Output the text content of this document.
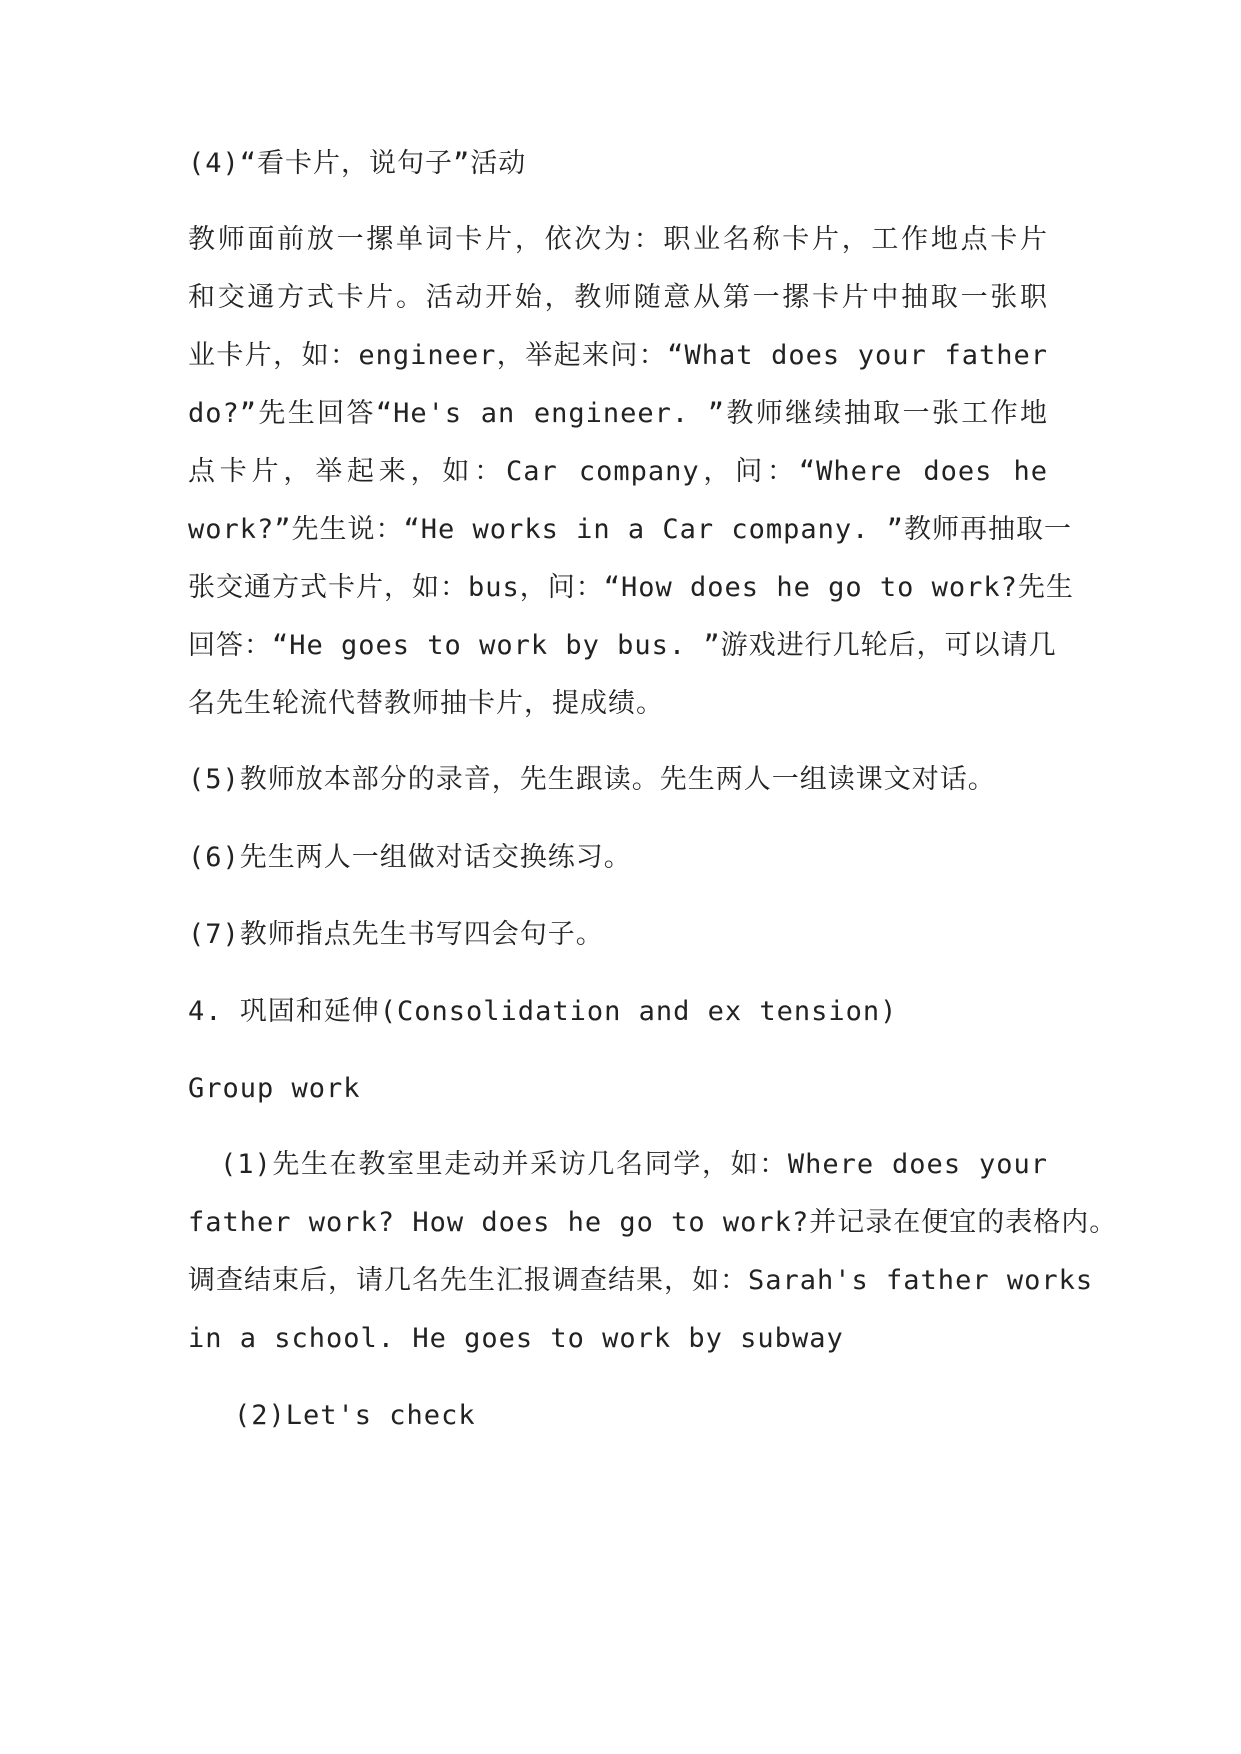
(4)“看卡片，说句子”活动
教师面前放一摞单词卡片，依次为：职业名称卡片，工作地点卡片
和交通方式卡片。活动开始，教师随意从第一摞卡片中抽取一张职
业卡片，如：engineer，举起来问：“What does your father
do?”先生回答“He's an engineer. ”教师继续抽取一张工作地
点卡片，举起来，如：Car company，问：“Where does he
work?”先生说：“He works in a Car company. ”教师再抽取一
张交通方式卡片，如：bus，问：“How does he go to work?先生
回答：“He goes to work by bus. ”游戏进行几轮后，可以请几
名先生轮流代替教师抽卡片，提成绩。
(5)教师放本部分的录音，先生跟读。先生两人一组读课文对话。
(6)先生两人一组做对话交换练习。
(7)教师指点先生书写四会句子。
4. 巩固和延伸(Consolidation and ex tension)
Group work
(1)先生在教室里走动并采访几名同学，如：Where does your
father work? How does he go to work?并记录在便宜的表格内。
调查结束后，请几名先生汇报调查结果，如：Sarah's father works
in a school. He goes to work by subway
(2)Let's check
